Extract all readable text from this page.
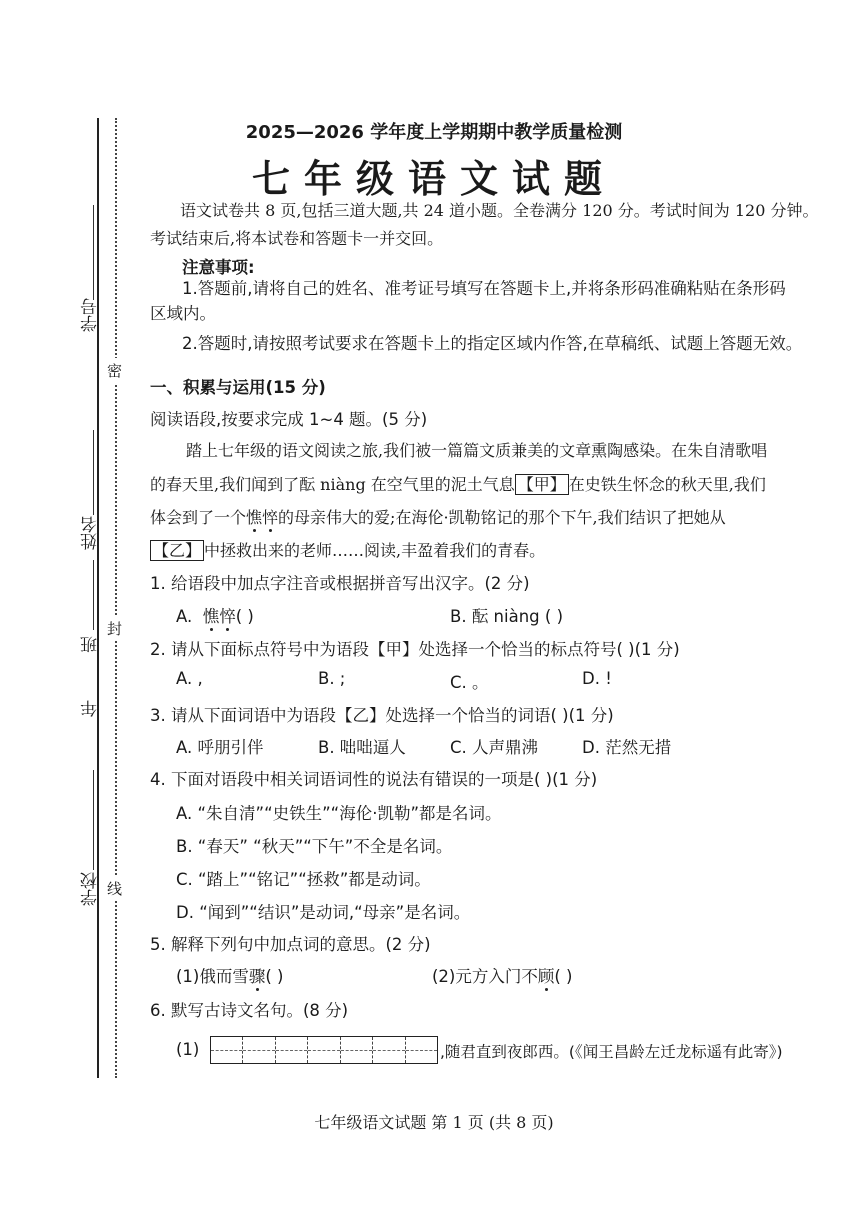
学号
姓名
班
年
学校
密
封
线
2025—2026 学年度上学期期中教学质量检测
七年级语文试题
语文试卷共 8 页,包括三道大题,共 24 道小题。全卷满分 120 分。考试时间为 120 分钟。
考试结束后,将本试卷和答题卡一并交回。
注意事项:
1.答题前,请将自己的姓名、准考证号填写在答题卡上,并将条形码准确粘贴在条形码
区域内。
2.答题时,请按照考试要求在答题卡上的指定区域内作答,在草稿纸、试题上答题无效。
一、积累与运用(15 分)
阅读语段,按要求完成 1~4 题。(5 分)
踏上七年级的语文阅读之旅,我们被一篇篇文质兼美的文章熏陶感染。在朱自清歌唱
的春天里,我们闻到了酝 niàng 在空气里的泥土气息 【甲】 在史铁生怀念的秋天里,我们
体会到了一个憔悴的母亲伟大的爱;在海伦·凯勒铭记的那个下午,我们结识了把她从
【乙】 中拯救出来的老师……阅读,丰盈着我们的青春。
1. 给语段中加点字注音或根据拼音写出汉字。(2 分)
A. 憔悴( )	B. 酝 niàng ( )
2. 请从下面标点符号中为语段【甲】处选择一个恰当的标点符号( )(1 分)
A. ,	B. ;	C. 。	D. !
3. 请从下面词语中为语段【乙】处选择一个恰当的词语( )(1 分)
A. 呼朋引伴	B. 咄咄逼人	C. 人声鼎沸	D. 茫然无措
4. 下面对语段中相关词语词性的说法有错误的一项是( )(1 分)
A. “朱自清”“史铁生”“海伦·凯勒”都是名词。
B. “春天” “秋天”“下午”不全是名词。
C. “踏上”“铭记”“拯救”都是动词。
D. “闻到”“结识”是动词,“母亲”是名词。
5. 解释下列句中加点词的意思。(2 分)
(1)俄而雪骤( )	(2)元方入门不顾( )
6. 默写古诗文名句。(8 分)
(1)	,随君直到夜郎西。(《闻王昌龄左迁龙标遥有此寄》)
七年级语文试题 第 1 页 (共 8 页)
